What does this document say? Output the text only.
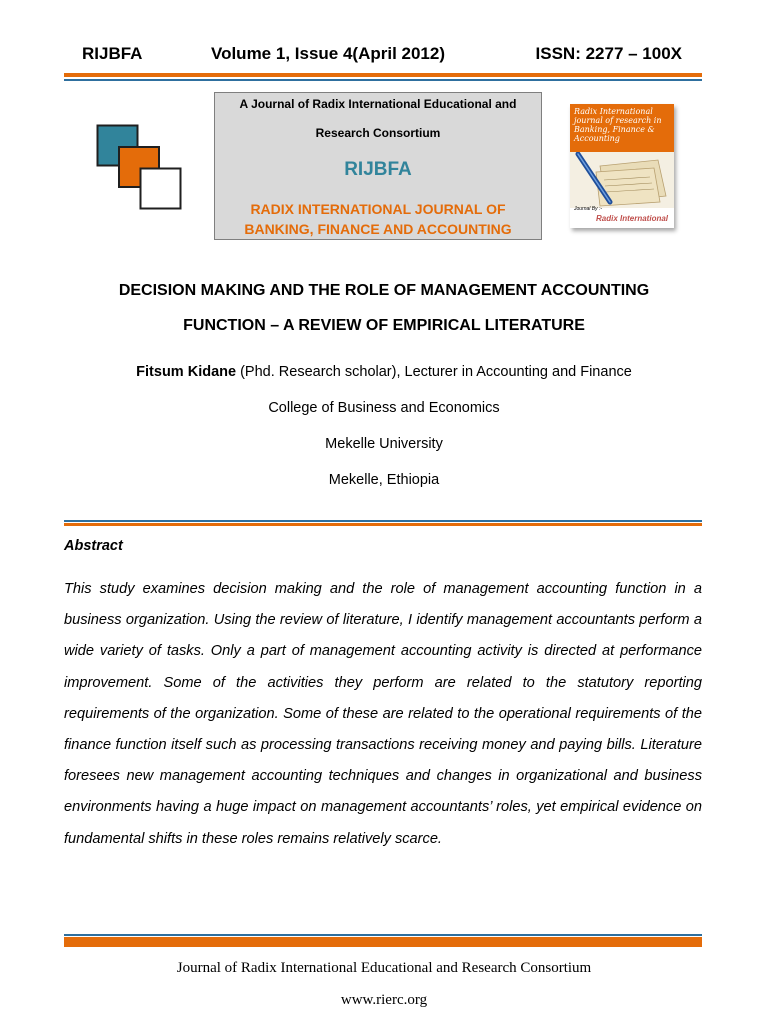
RIJBFA	Volume 1, Issue 4(April 2012)	ISSN: 2277 – 100X
A Journal of Radix International Educational and
Research Consortium
RIJBFA
RADIX INTERNATIONAL JOURNAL OF
BANKING, FINANCE AND ACCOUNTING
Radix International journal of research in Banking, Finance & Accounting
Journal By :-
Radix International
DECISION MAKING AND THE ROLE OF MANAGEMENT ACCOUNTING
FUNCTION – A REVIEW OF EMPIRICAL LITERATURE
Fitsum Kidane (Phd. Research scholar), Lecturer in Accounting and Finance
College of Business and Economics
Mekelle University
Mekelle, Ethiopia
Abstract

This study examines decision making and the role of management accounting function in a business organization. Using the review of literature, I identify management accountants perform a wide variety of tasks. Only a part of management accounting activity is directed at performance improvement. Some of the activities they perform are related to the statutory reporting requirements of the organization. Some of these are related to the operational requirements of the finance function itself such as processing transactions receiving money and paying bills. Literature foresees new management accounting techniques and changes in organizational and business environments having a huge impact on management accountants’ roles, yet empirical evidence on fundamental shifts in these roles remains relatively scarce.

Journal of Radix International Educational and Research Consortium
www.rierc.org
